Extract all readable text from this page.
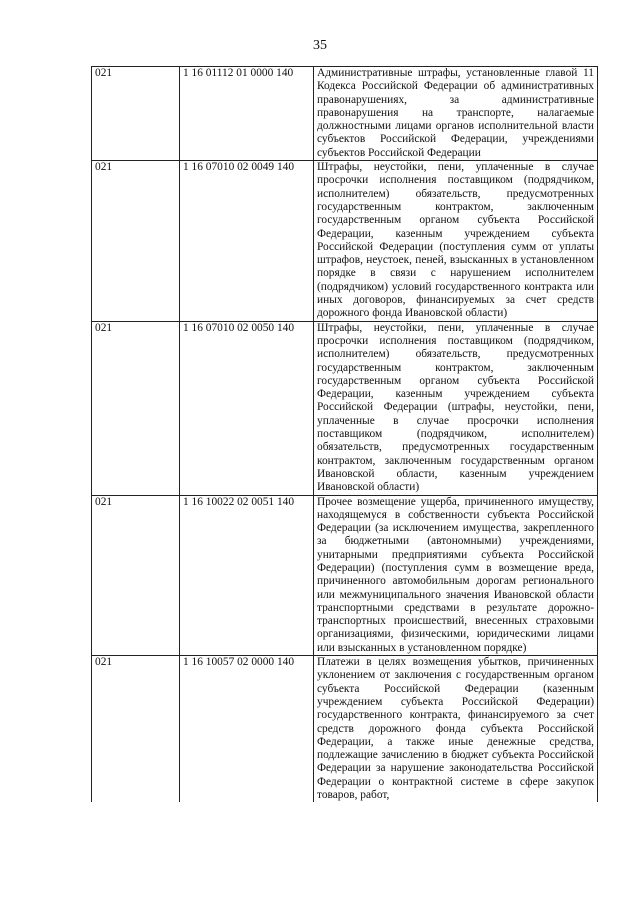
35
021	1 16 01112 01 0000 140	Административные штрафы, установленные главой 11 Кодекса Российской Федерации об административных правонарушениях, за административные правонарушения на транспорте, налагаемые должностными лицами органов исполнительной власти субъектов Российской Федерации, учреждениями субъектов Российской Федерации
021	1 16 07010 02 0049 140	Штрафы, неустойки, пени, уплаченные в случае просрочки исполнения поставщиком (подрядчиком, исполнителем) обязательств, предусмотренных государственным контрактом, заключенным государственным органом субъекта Российской Федерации, казенным учреждением субъекта Российской Федерации (поступления сумм от уплаты штрафов, неустоек, пеней, взысканных в установленном порядке в связи с нарушением исполнителем (подрядчиком) условий государственного контракта или иных договоров, финансируемых за счет средств дорожного фонда Ивановской области)
021	1 16 07010 02 0050 140	Штрафы, неустойки, пени, уплаченные в случае просрочки исполнения поставщиком (подрядчиком, исполнителем) обязательств, предусмотренных государственным контрактом, заключенным государственным органом субъекта Российской Федерации, казенным учреждением субъекта Российской Федерации (штрафы, неустойки, пени, уплаченные в случае просрочки исполнения поставщиком (подрядчиком, исполнителем) обязательств, предусмотренных государственным контрактом, заключенным государственным органом Ивановской области, казенным учреждением Ивановской области)
021	1 16 10022 02 0051 140	Прочее возмещение ущерба, причиненного имуществу, находящемуся в собственности субъекта Российской Федерации (за исключением имущества, закрепленного за бюджетными (автономными) учреждениями, унитарными предприятиями субъекта Российской Федерации) (поступления сумм в возмещение вреда, причиненного автомобильным дорогам регионального или межмуниципального значения Ивановской области транспортными средствами в результате дорожно-транспортных происшествий, внесенных страховыми организациями, физическими, юридическими лицами или взысканных в установленном порядке)
021	1 16 10057 02 0000 140	Платежи в целях возмещения убытков, причиненных уклонением от заключения с государственным органом субъекта Российской Федерации (казенным учреждением субъекта Российской Федерации) государственного контракта, финансируемого за счет средств дорожного фонда субъекта Российской Федерации, а также иные денежные средства, подлежащие зачислению в бюджет субъекта Российской Федерации за нарушение законодательства Российской Федерации о контрактной системе в сфере закупок товаров, работ,
